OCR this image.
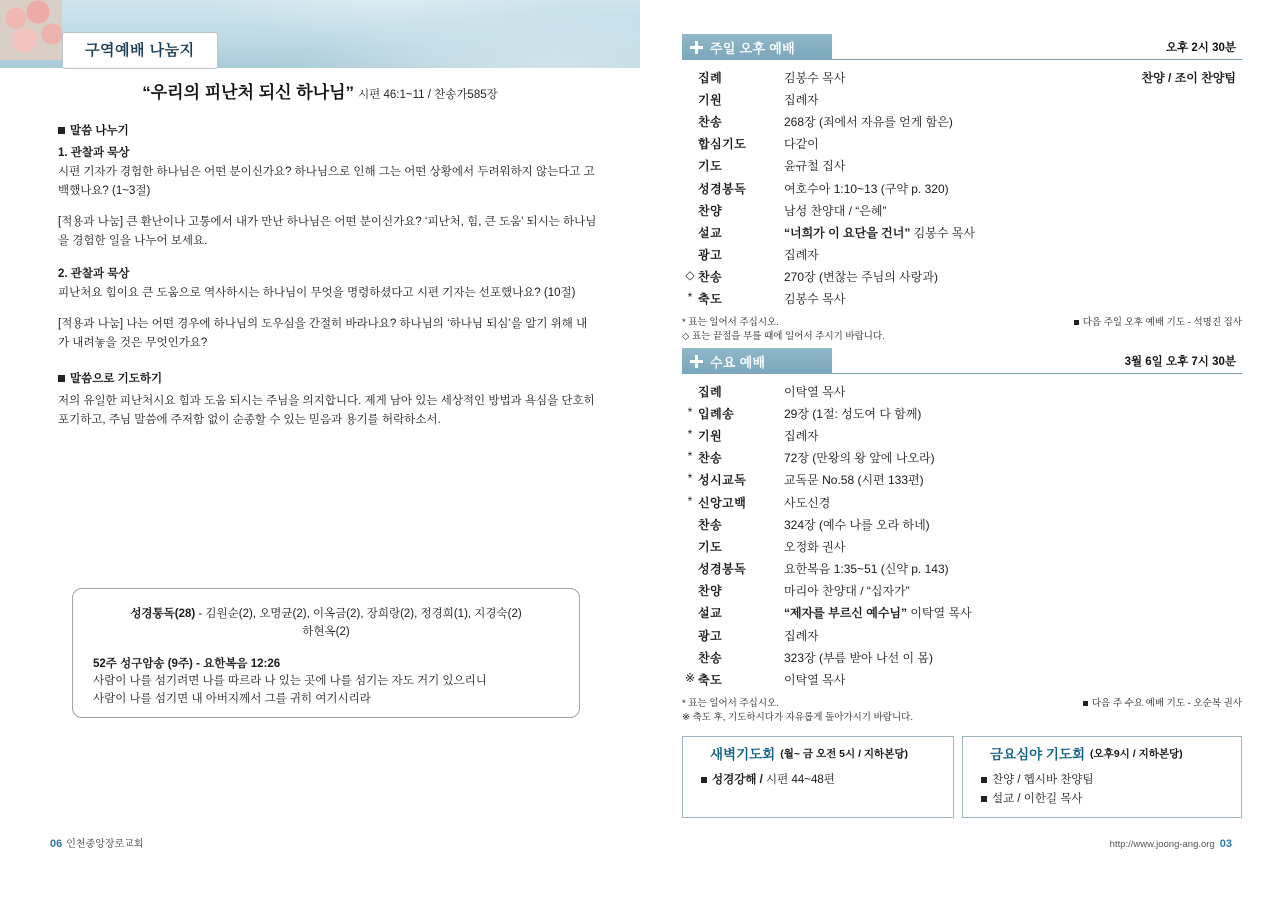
구역예배 나눔지
“우리의 피난처 되신 하나님” 시편 46:1~11 / 찬송가585장
말씀 나누기
1. 관찰과 묵상
시편 기자가 경험한 하나님은 어떤 분이신가요? 하나님으로 인해 그는 어떤 상황에서 두려워하지 않는다고 고백했나요? (1~3절)
[적용과 나눔] 큰 환난이나 고통에서 내가 만난 하나님은 어떤 분이신가요? ‘피난처, 힘, 큰 도움’ 되시는 하나님을 경험한 일을 나누어 보세요.
2. 관찰과 묵상
피난처요 힘이요 큰 도움으로 역사하시는 하나님이 무엇을 명령하셨다고 시편 기자는 선포했나요? (10절)
[적용과 나눔] 나는 어떤 경우에 하나님의 도우심을 간절히 바라나요? 하나님의 ‘하나님 되심’을 알기 위해 내가 내려놓을 것은 무엇인가요?
말씀으로 기도하기
저의 유일한 피난처시요 힘과 도움 되시는 주님을 의지합니다. 제게 남아 있는 세상적인 방법과 욕심을 단호히 포기하고, 주님 말씀에 주저함 없이 순종할 수 있는 믿음과 용기를 허락하소서.
성경통독(28) - 김원순(2), 오명균(2), 이옥금(2), 장희랑(2), 정경희(1), 지경숙(2)
하현옥(2)
52주 성구암송 (9주) - 요한복음 12:26
사람이 나를 섬기려면 나를 따르라 나 있는 곳에 나를 섬기는 자도 거기 있으리니
사람이 나를 섬기면 내 아버지께서 그를 귀히 여기시리라
06 인천중앙장로교회
주일 오후 예배	오후 2시 30분
	집례	김봉수 목사	찬양 / 조이 찬양팀
	기원	집례자	
	찬송	268장 (죄에서 자유를 얻게 함은)	
	합심기도	다같이	
	기도	윤규철 집사	
	성경봉독	여호수아 1:10~13 (구약 p. 320)	
	찬양	남성 찬양대 / “은혜”	
	설교	“너희가 이 요단을 건너” 김봉수 목사	
	광고	집례자	
◇	찬송	270장 (변찮는 주님의 사랑과)	
*	축도	김봉수 목사	
* 표는 일어서 주십시오.
◇ 표는 끝절을 부를 때에 일어서 주시기 바랍니다.
다음 주일 오후 예배 기도 - 석명진 집사
수요 예배	3월 6일 오후 7시 30분
	집례	이탁열 목사
*	입례송	29장 (1절: 성도여 다 함께)
*	기원	집례자
*	찬송	72장 (만왕의 왕 앞에 나오라)
*	성시교독	교독문 No.58 (시편 133편)
*	신앙고백	사도신경
	찬송	324장 (예수 나를 오라 하네)
	기도	오정화 권사
	성경봉독	요한복음 1:35~51 (신약 p. 143)
	찬양	마리아 찬양대 / “십자가”
	설교	“제자를 부르신 예수님” 이탁열 목사
	광고	집례자
	찬송	323장 (부름 받아 나선 이 몸)
※	축도	이탁열 목사
* 표는 일어서 주십시오.
※ 축도 후, 기도하시다가 자유롭게 돌아가시기 바랍니다.
다음 주 수요 예배 기도 - 오순복 권사
새벽기도회 (월~ 금 오전 5시 / 지하본당)
성경강해 / 시편 44~48편
금요심야 기도회 (오후9시 / 지하본당)
찬양 / 헵시바 찬양팀
설교 / 이한길 목사
http://www.joong-ang.org 03
